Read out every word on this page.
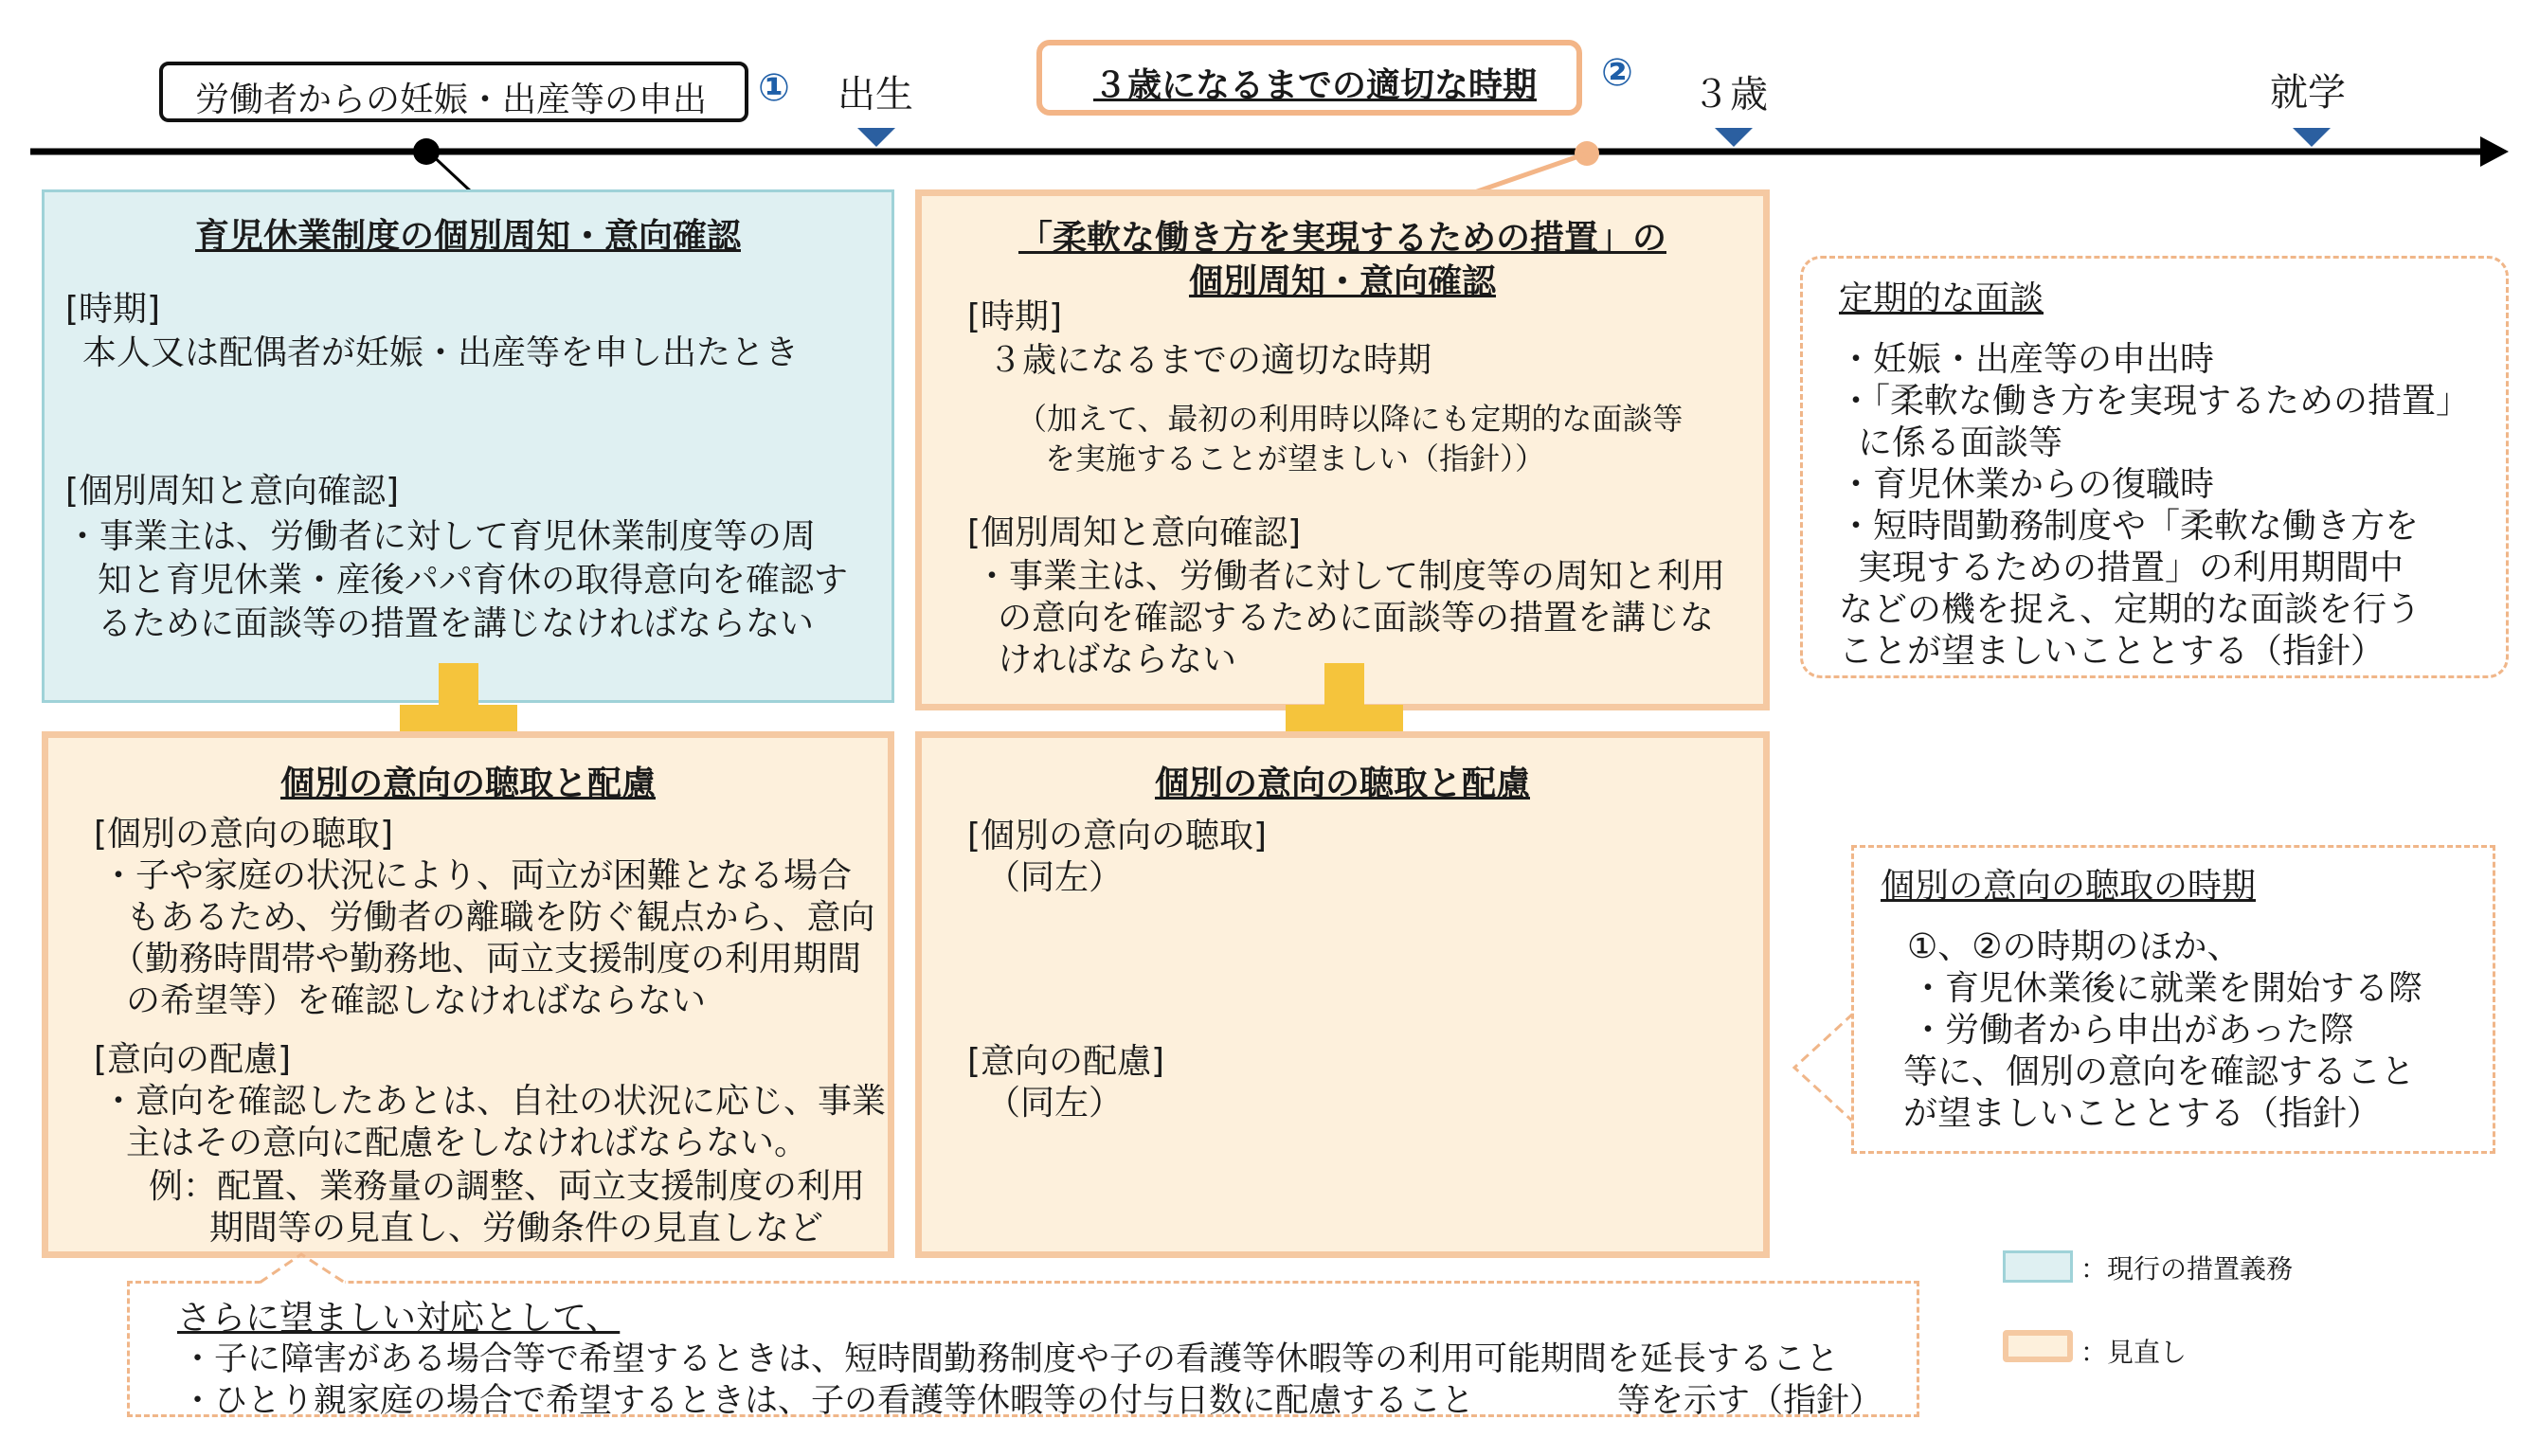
労働者からの妊娠・出産等の申出 ① 出生	３歳になるまでの適切な時期 ② ３歳	就学
育児休業制度の個別周知・意向確認
[時期]
本人又は配偶者が妊娠・出産等を申し出たとき
[個別周知と意向確認]
・事業主は、労働者に対して育児休業制度等の周
知と育児休業・産後パパ育休の取得意向を確認す
るために面談等の措置を講じなければならない
「柔軟な働き方を実現するための措置」の
個別周知・意向確認
[時期]
３歳になるまでの適切な時期
（加えて、最初の利用時以降にも定期的な面談等
を実施することが望ましい（指針））
[個別周知と意向確認]
・事業主は、労働者に対して制度等の周知と利用
の意向を確認するために面談等の措置を講じな
ければならない
個別の意向の聴取と配慮
[個別の意向の聴取]
・子や家庭の状況により、両立が困難となる場合
もあるため、労働者の離職を防ぐ観点から、意向
（勤務時間帯や勤務地、両立支援制度の利用期間
の希望等）を確認しなければならない
[意向の配慮]
・意向を確認したあとは、自社の状況に応じ、事業
主はその意向に配慮をしなければならない。
例：配置、業務量の調整、両立支援制度の利用
期間等の見直し、労働条件の見直しなど
個別の意向の聴取と配慮
[個別の意向の聴取]
（同左）
[意向の配慮]
（同左）
定期的な面談
・妊娠・出産等の申出時
・「柔軟な働き方を実現するための措置」
に係る面談等
・育児休業からの復職時
・短時間勤務制度や「柔軟な働き方を
実現するための措置」の利用期間中
などの機を捉え、定期的な面談を行う
ことが望ましいこととする（指針）
個別の意向の聴取の時期
①、②の時期のほか、
・育児休業後に就業を開始する際
・労働者から申出があった際
等に、個別の意向を確認すること
が望ましいこととする（指針）
さらに望ましい対応として、
・子に障害がある場合等で希望するときは、短時間勤務制度や子の看護等休暇等の利用可能期間を延長すること
・ひとり親家庭の場合で希望するときは、子の看護等休暇等の付与日数に配慮すること	等を示す（指針）
：現行の措置義務
：見直し
